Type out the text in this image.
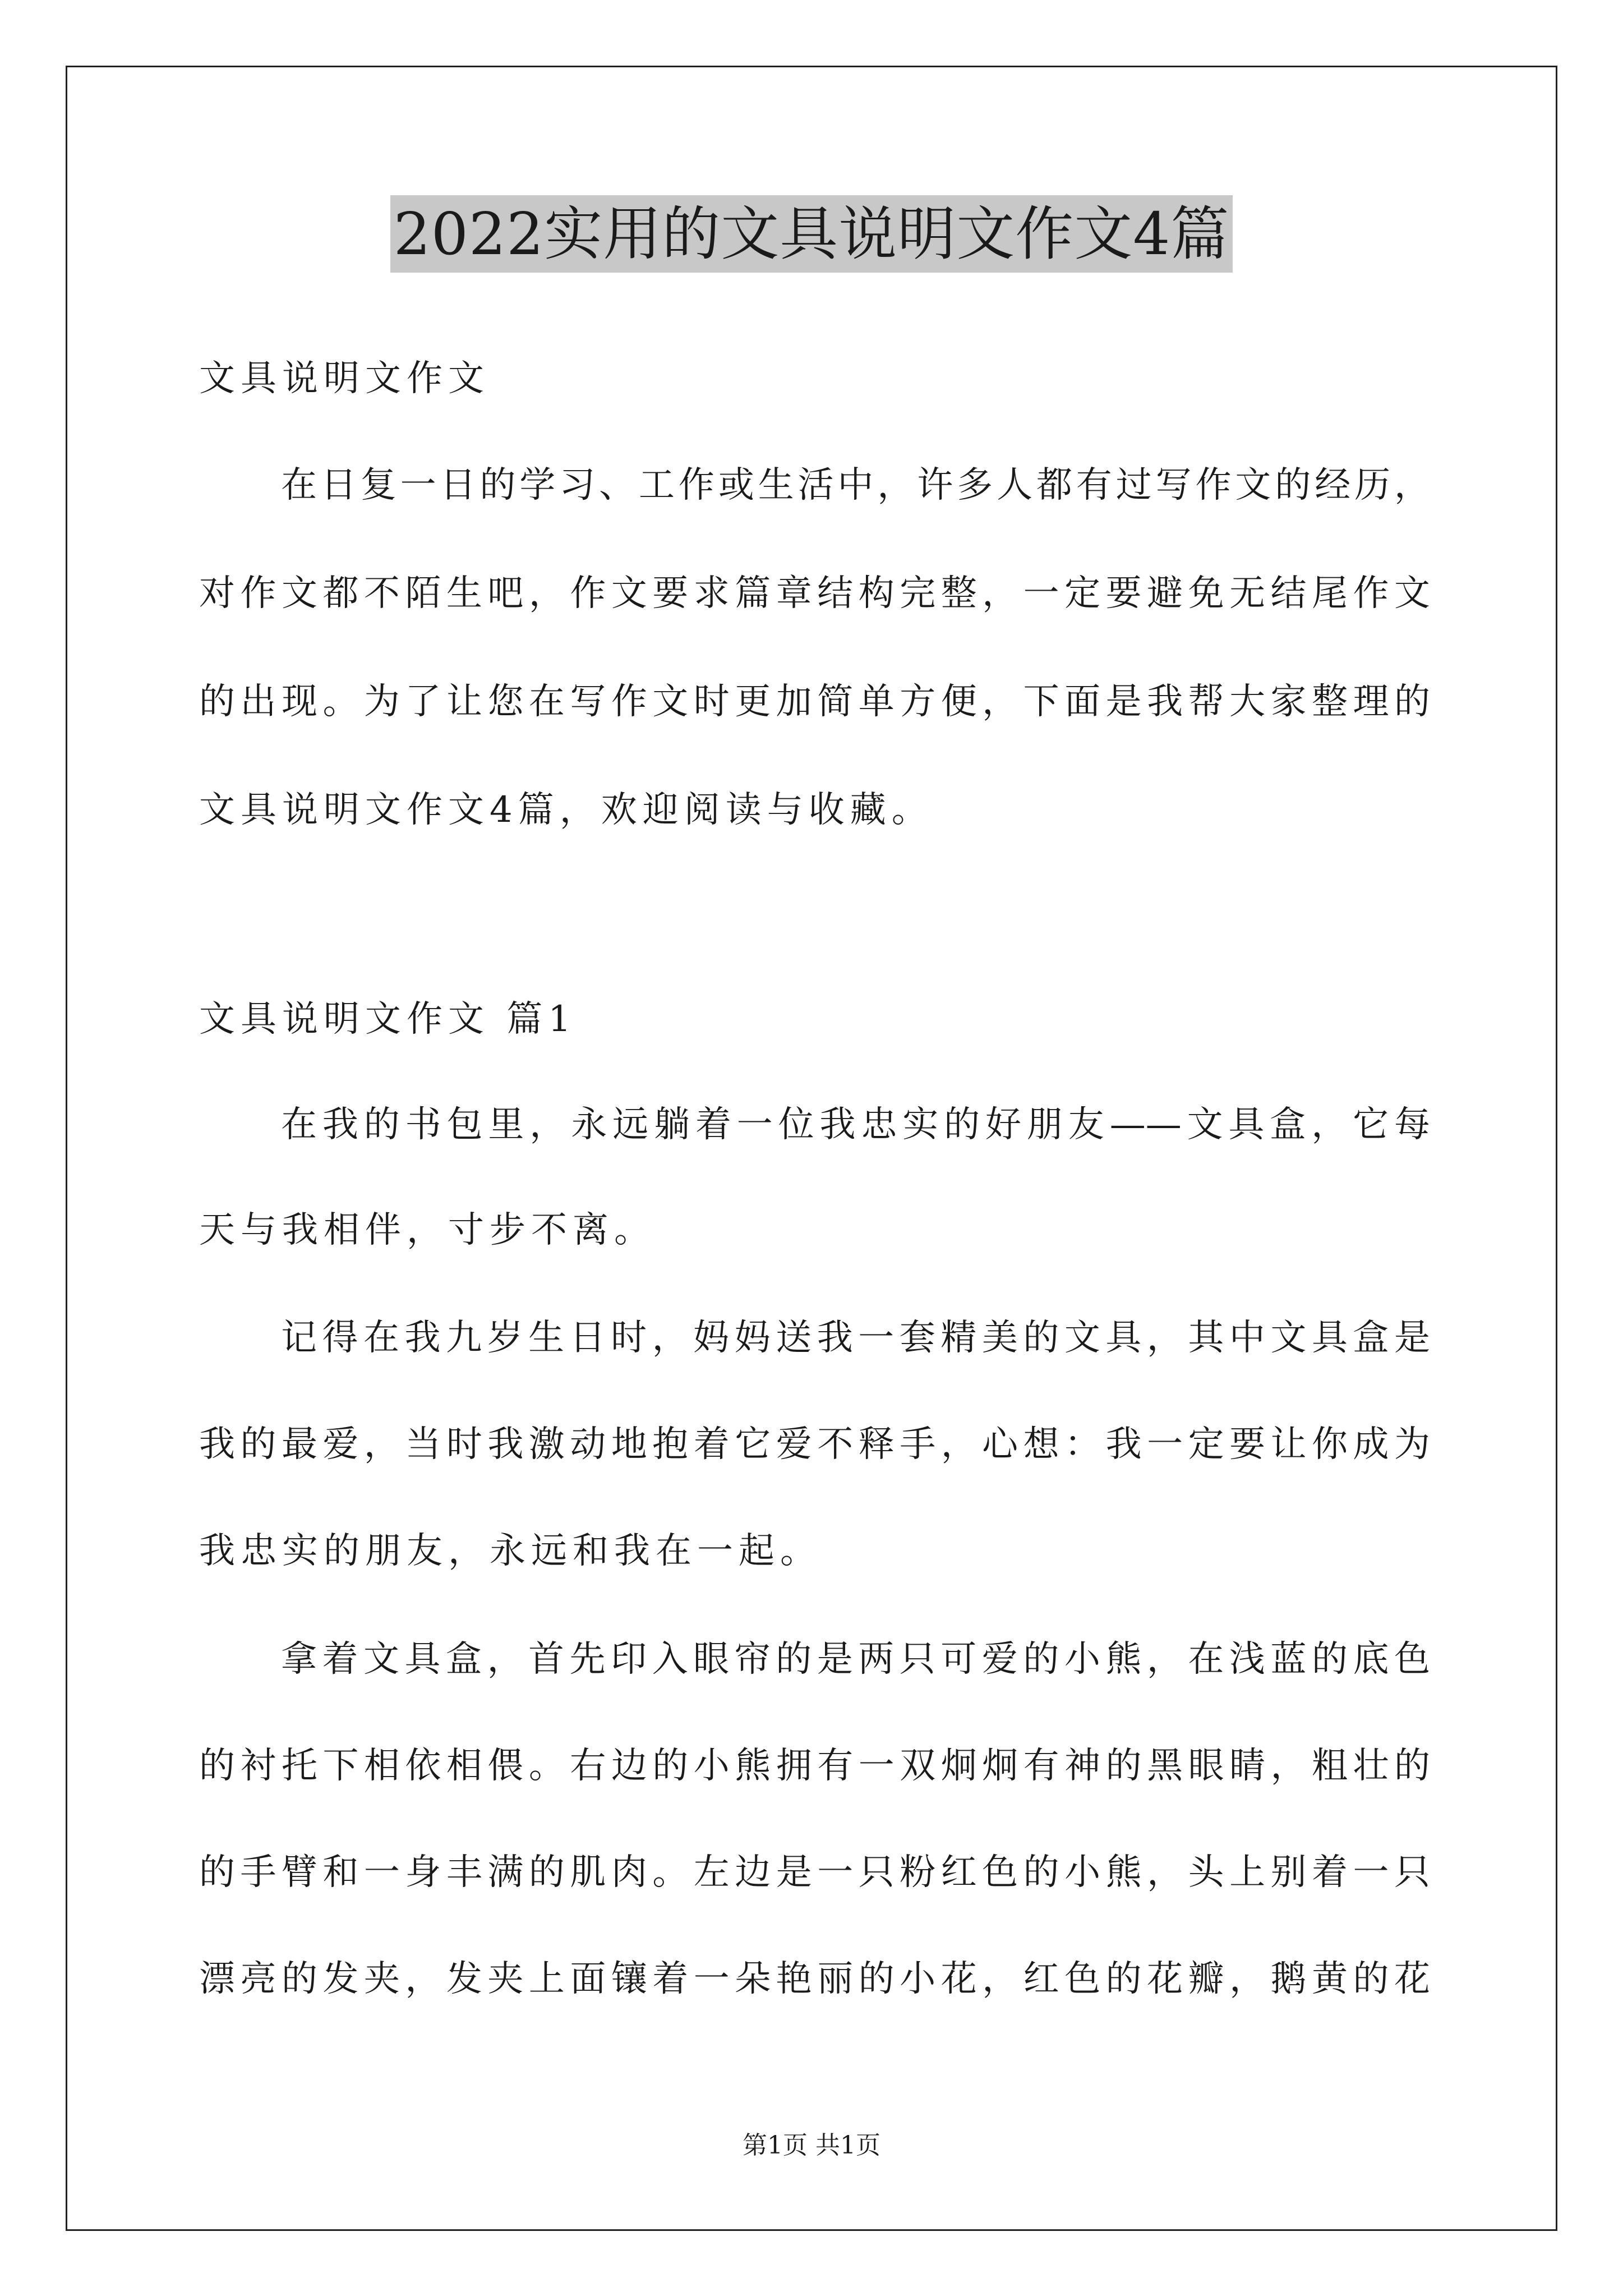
2022实用的文具说明文作文4篇
文具说明文作文
在日复一日的学习、工作或生活中，许多人都有过写作文的经历，
对作文都不陌生吧，作文要求篇章结构完整，一定要避免无结尾作文
的出现。为了让您在写作文时更加简单方便，下面是我帮大家整理的
文具说明文作文4篇，欢迎阅读与收藏。
文具说明文作文 篇1
在我的书包里，永远躺着一位我忠实的好朋友——文具盒，它每
天与我相伴，寸步不离。
记得在我九岁生日时，妈妈送我一套精美的文具，其中文具盒是
我的最爱，当时我激动地抱着它爱不释手，心想：我一定要让你成为
我忠实的朋友，永远和我在一起。
拿着文具盒，首先印入眼帘的是两只可爱的小熊，在浅蓝的底色
的衬托下相依相偎。右边的小熊拥有一双炯炯有神的黑眼睛，粗壮的
的手臂和一身丰满的肌肉。左边是一只粉红色的小熊，头上别着一只
漂亮的发夹，发夹上面镶着一朵艳丽的小花，红色的花瓣，鹅黄的花
第1页 共1页
